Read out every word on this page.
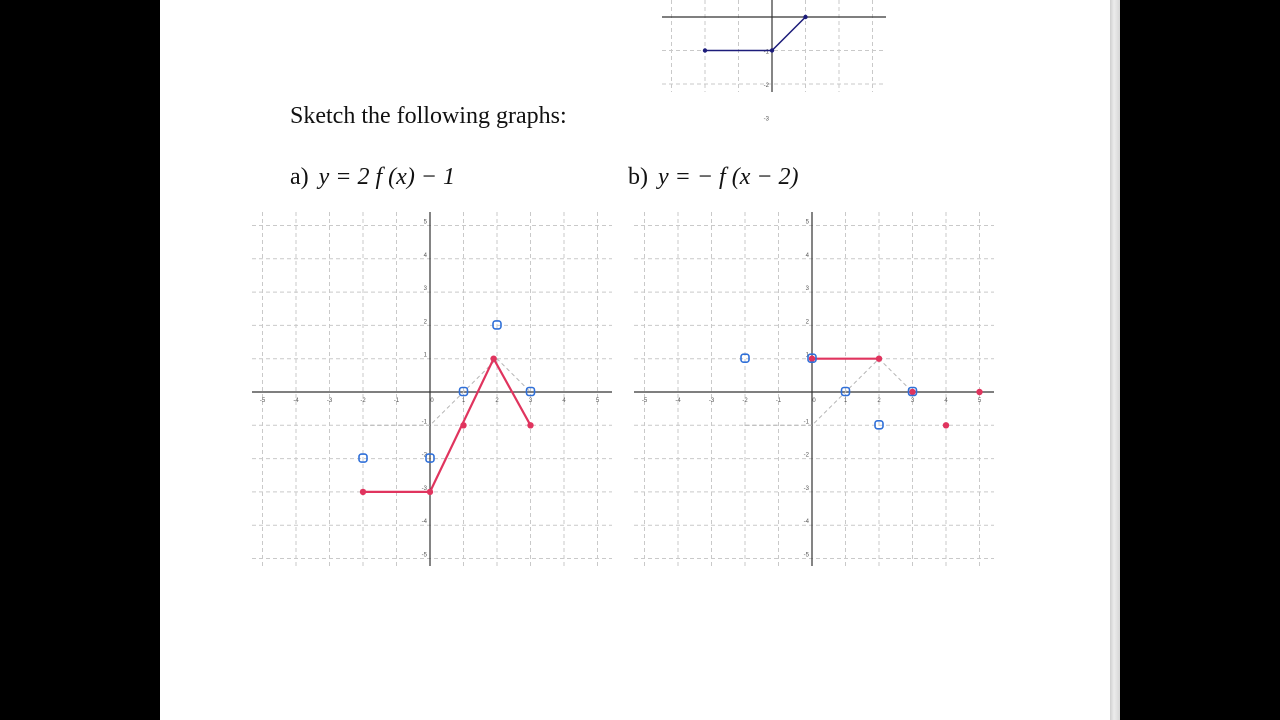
Sketch the following graphs:
a) y = 2 f (x) − 1	b) y = − f (x − 2)
-1
-2
-3
-5	-4	-3	-2	-1	0	1	2	3	4	5
5
4
3
2
1
-1
-2
-3
-4
-5
-5	-4	-3	-2	-1	0	1	2	3	4	5
5
4
3
2
1
-1
-2
-3
-4
-5
